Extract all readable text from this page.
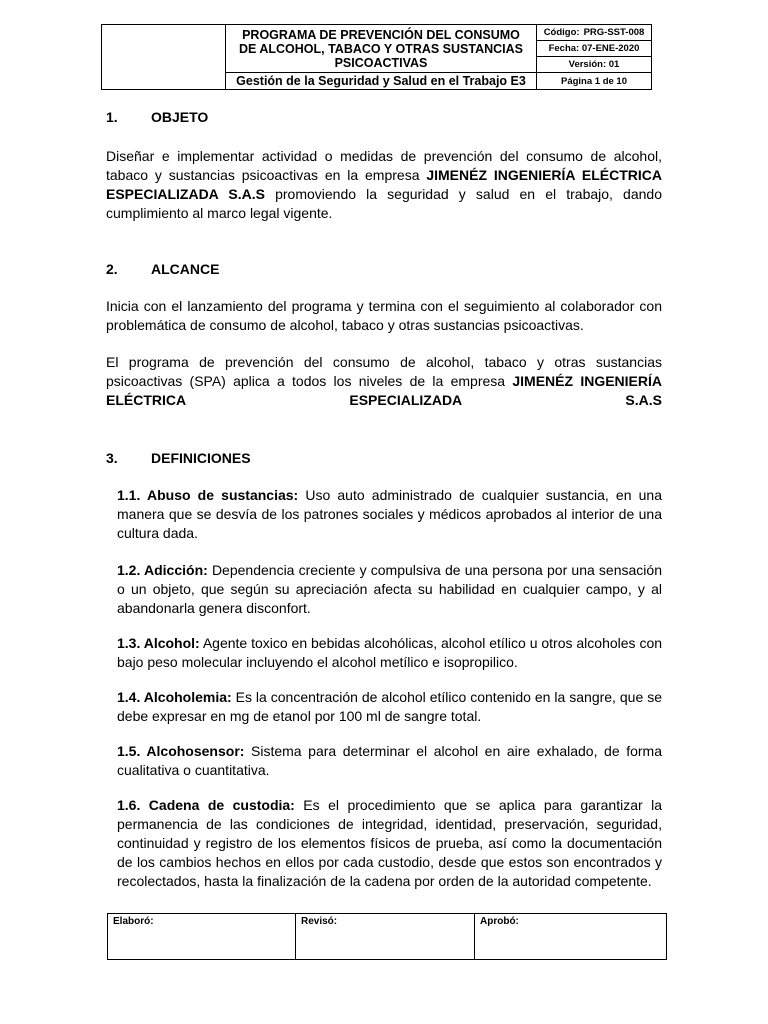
PROGRAMA DE PREVENCIÓN DEL CONSUMO
DE ALCOHOL, TABACO Y OTRAS SUSTANCIAS
PSICOACTIVAS
Gestión de la Seguridad y Salud en el Trabajo E3
Código: PRG-SST-008
Fecha: 07-ENE-2020
Versión: 01
Página 1 de 10
1.	OBJETO

Diseñar e implementar actividad o medidas de prevención del consumo de alcohol, tabaco y sustancias psicoactivas en la empresa JIMENÉZ INGENIERÍA ELÉCTRICA ESPECIALIZADA S.A.S promoviendo la seguridad y salud en el trabajo, dando cumplimiento al marco legal vigente.

2.	ALCANCE

Inicia con el lanzamiento del programa y termina con el seguimiento al colaborador con problemática de consumo de alcohol, tabaco y otras sustancias psicoactivas.

El programa de prevención del consumo de alcohol, tabaco y otras sustancias psicoactivas (SPA) aplica a todos los niveles de la empresa JIMENÉZ INGENIERÍA ELÉCTRICA ESPECIALIZADA S.A.S

3.	DEFINICIONES

1.1. Abuso de sustancias: Uso auto administrado de cualquier sustancia, en una manera que se desvía de los patrones sociales y médicos aprobados al interior de una cultura dada.

1.2. Adicción: Dependencia creciente y compulsiva de una persona por una sensación o un objeto, que según su apreciación afecta su habilidad en cualquier campo, y al abandonarla genera disconfort.

1.3. Alcohol: Agente toxico en bebidas alcohólicas, alcohol etílico u otros alcoholes con bajo peso molecular incluyendo el alcohol metílico e isopropilico.

1.4. Alcoholemia: Es la concentración de alcohol etílico contenido en la sangre, que se debe expresar en mg de etanol por 100 ml de sangre total.

1.5. Alcohosensor: Sistema para determinar el alcohol en aire exhalado, de forma cualitativa o cuantitativa.

1.6. Cadena de custodia: Es el procedimiento que se aplica para garantizar la permanencia de las condiciones de integridad, identidad, preservación, seguridad, continuidad y registro de los elementos físicos de prueba, así como la documentación de los cambios hechos en ellos por cada custodio, desde que estos son encontrados y recolectados, hasta la finalización de la cadena por orden de la autoridad competente.

Elaboró:	Revisó:	Aprobó:
